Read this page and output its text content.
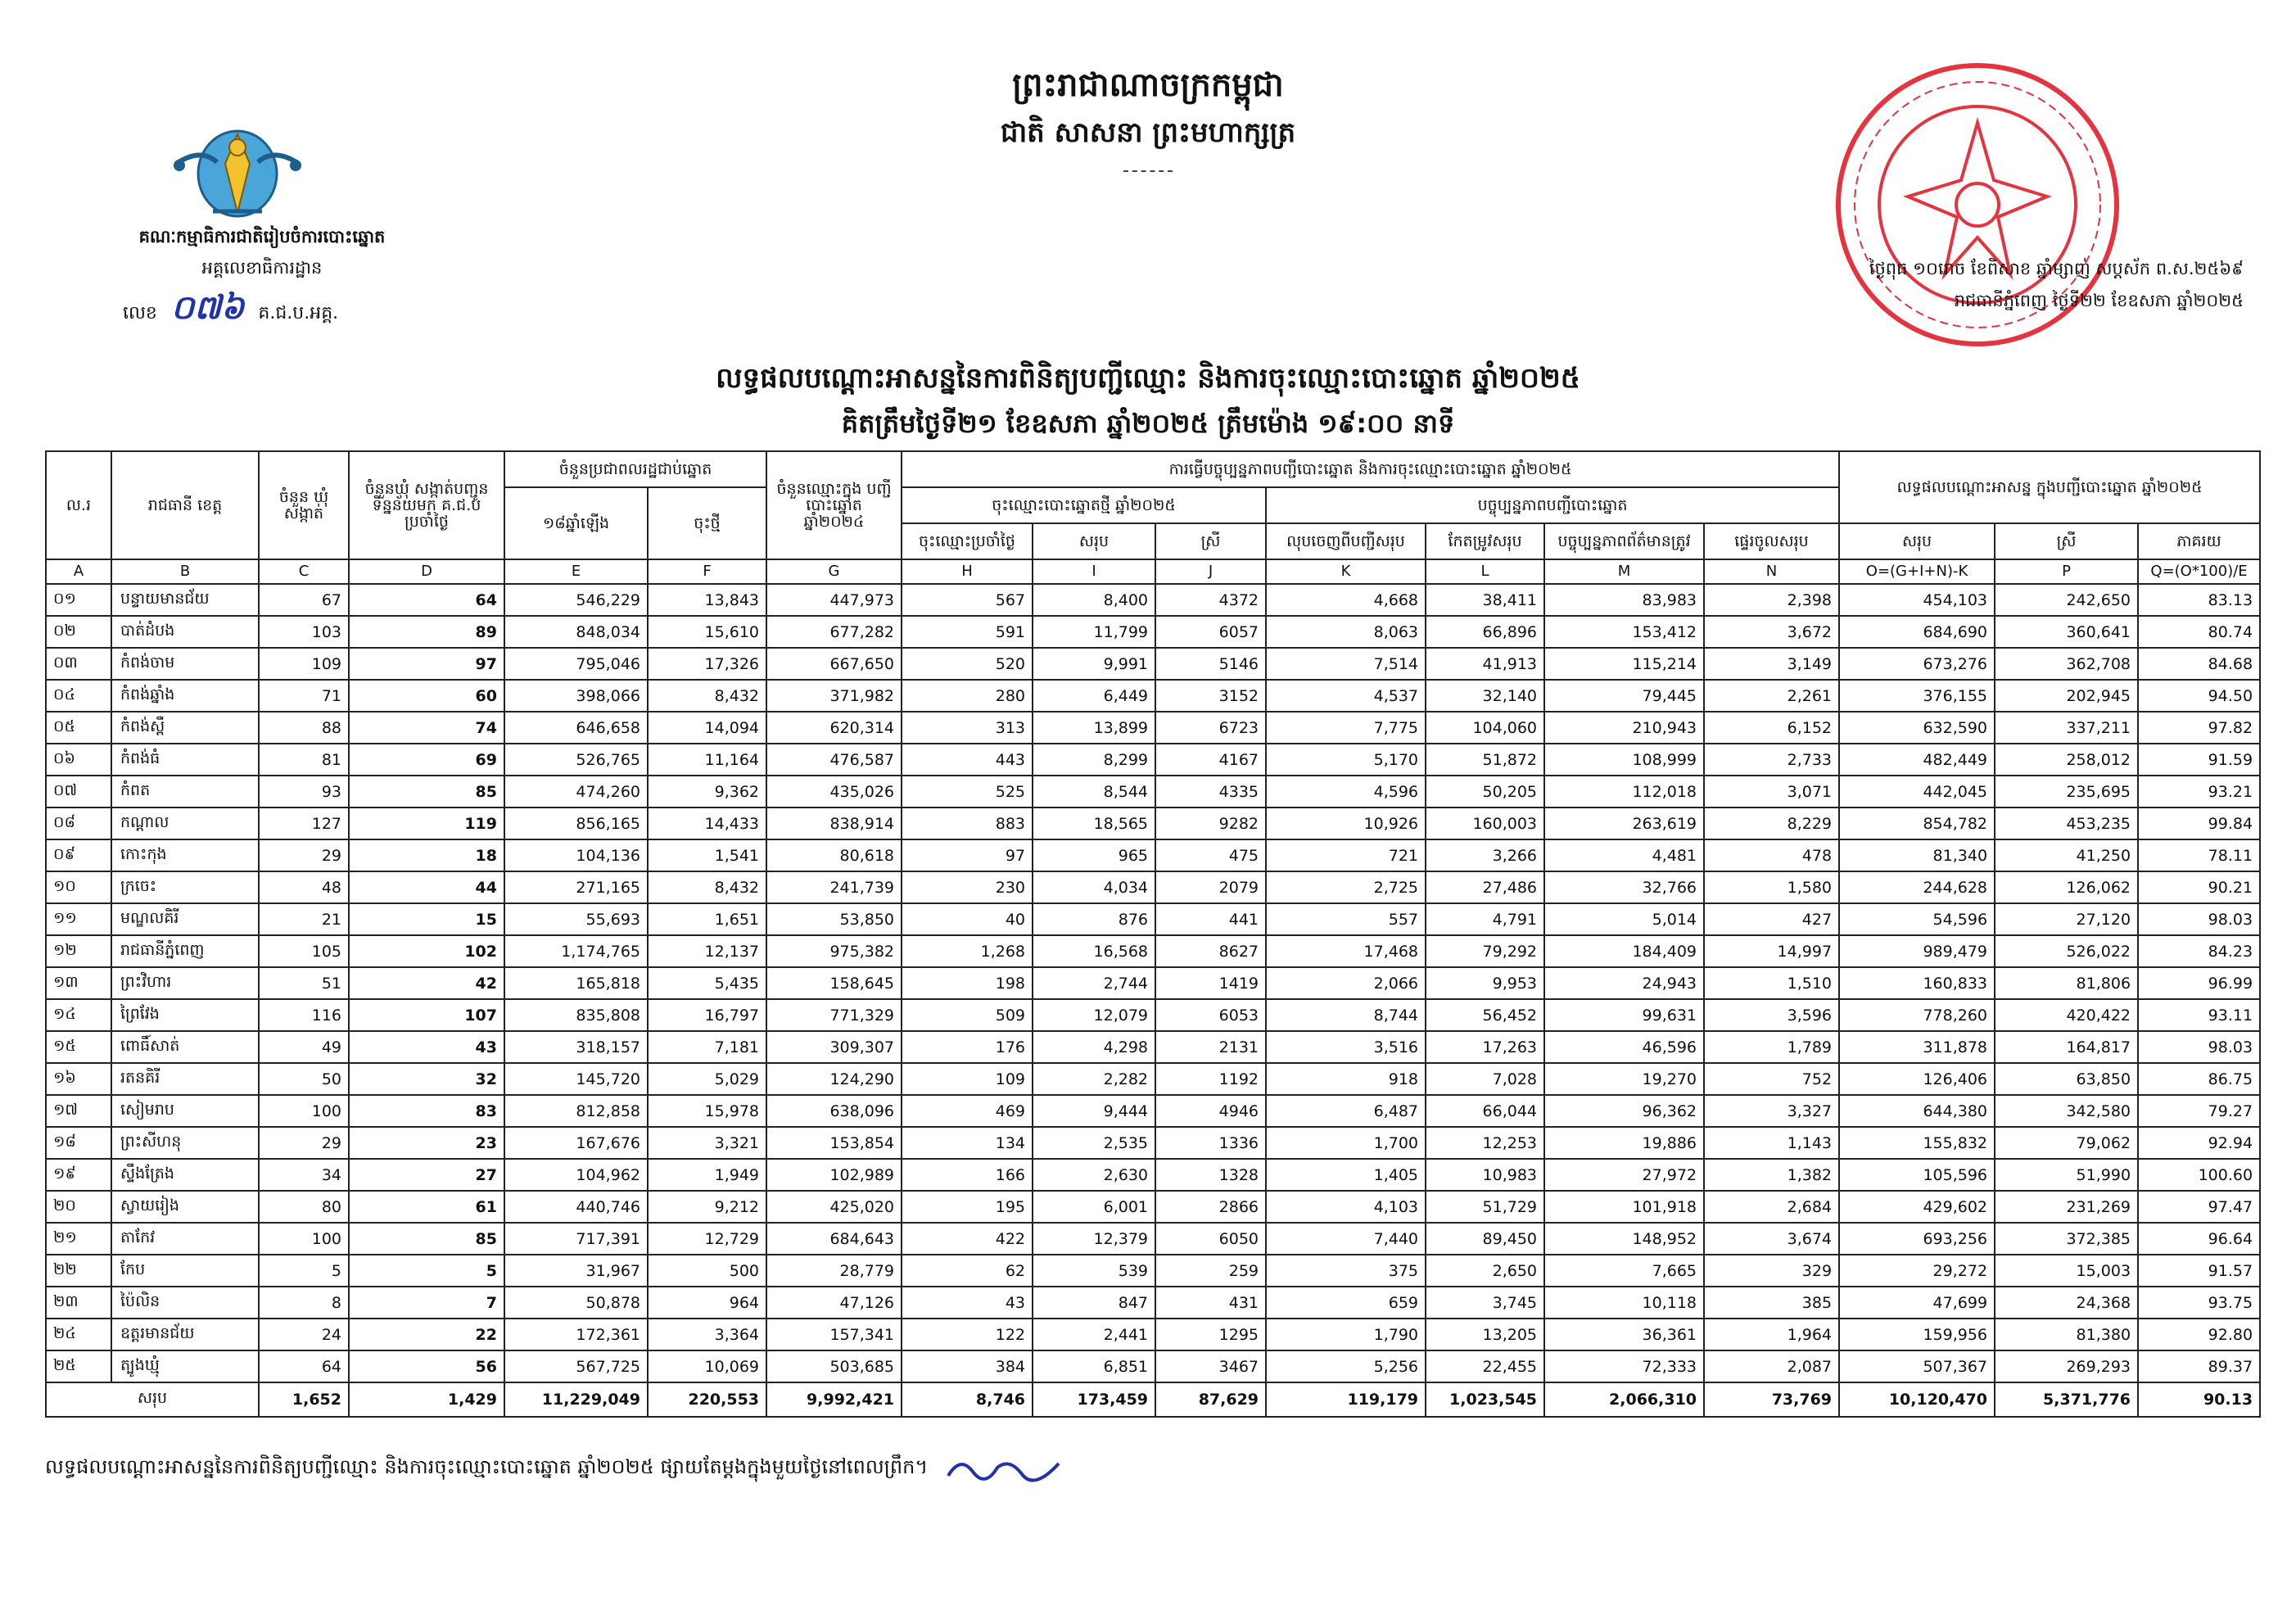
ព្រះរាជាណាចក្រកម្ពុជា
ជាតិ សាសនា ព្រះមហាក្សត្រ
គណៈកម្មាធិការជាតិរៀបចំការបោះឆ្នោត
អគ្គលេខាធិការដ្ឋាន
លេខ ០៧៦ គ.ជ.ប.អគ្គ.
ថ្ងៃពុធ ១០រោច ខែពិសាខ ឆ្នាំម្សាញ់ សប្តស័ក ព.ស.២៥៦៩
រាជធានីភ្នំពេញ ថ្ងៃទី២២ ខែឧសភា ឆ្នាំ២០២៥
លទ្ធផលបណ្តោះអាសន្ននៃការពិនិត្យបញ្ជីឈ្មោះ និងការចុះឈ្មោះបោះឆ្នោត ឆ្នាំ២០២៥
គិតត្រឹមថ្ងៃទី២១ ខែឧសភា ឆ្នាំ២០២៥ ត្រឹមម៉ោង ១៩:០០ នាទី
ល.រ	រាជធានី ខេត្ត	ចំនួន ឃុំ សង្កាត់	ចំនួនឃុំ សង្កាត់បញ្ជូន ទិន្នន័យមក គ.ជ.ប ប្រចាំថ្ងៃ	ចំនួនប្រជាពលរដ្ឋជាប់ឆ្នោត		ចំនួនឈ្មោះក្នុង បញ្ជីបោះឆ្នោត ឆ្នាំ២០២៤	ការធ្វើបច្ចុប្បន្នភាពបញ្ជីបោះឆ្នោត និងការចុះឈ្មោះបោះឆ្នោត ឆ្នាំ២០២៥							លទ្ធផលបណ្តោះអាសន្ន ក្នុងបញ្ជីបោះឆ្នោត ឆ្នាំ២០២៥		
				១៨ឆ្នាំឡើង	ចុះថ្មី		ចុះឈ្មោះបោះឆ្នោតថ្មី ឆ្នាំ២០២៥			បច្ចុប្បន្នភាពបញ្ជីបោះឆ្នោត						
							ចុះឈ្មោះប្រចាំថ្ងៃ	សរុប	ស្រី	លុបចេញពីបញ្ជីសរុប	កែតម្រូវសរុប	បច្ចុប្បន្នភាពព័ត៌មានត្រូវ	ផ្ទេរចូលសរុប	សរុប	ស្រី	ភាគរយ
A	B	C	D	E	F	G	H	I	J	K	L	M	N	O=(G+I+N)-K	P	Q=(O*100)/E
០១	បន្ទាយមានជ័យ	67	64	546,229	13,843	447,973	567	8,400	4372	4,668	38,411	83,983	2,398	454,103	242,650	83.13
០២	បាត់ដំបង	103	89	848,034	15,610	677,282	591	11,799	6057	8,063	66,896	153,412	3,672	684,690	360,641	80.74
០៣	កំពង់ចាម	109	97	795,046	17,326	667,650	520	9,991	5146	7,514	41,913	115,214	3,149	673,276	362,708	84.68
០៤	កំពង់ឆ្នាំង	71	60	398,066	8,432	371,982	280	6,449	3152	4,537	32,140	79,445	2,261	376,155	202,945	94.50
០៥	កំពង់ស្ពឺ	88	74	646,658	14,094	620,314	313	13,899	6723	7,775	104,060	210,943	6,152	632,590	337,211	97.82
០៦	កំពង់ធំ	81	69	526,765	11,164	476,587	443	8,299	4167	5,170	51,872	108,999	2,733	482,449	258,012	91.59
០៧	កំពត	93	85	474,260	9,362	435,026	525	8,544	4335	4,596	50,205	112,018	3,071	442,045	235,695	93.21
០៨	កណ្តាល	127	119	856,165	14,433	838,914	883	18,565	9282	10,926	160,003	263,619	8,229	854,782	453,235	99.84
០៩	កោះកុង	29	18	104,136	1,541	80,618	97	965	475	721	3,266	4,481	478	81,340	41,250	78.11
១០	ក្រចេះ	48	44	271,165	8,432	241,739	230	4,034	2079	2,725	27,486	32,766	1,580	244,628	126,062	90.21
១១	មណ្ឌលគិរី	21	15	55,693	1,651	53,850	40	876	441	557	4,791	5,014	427	54,596	27,120	98.03
១២	រាជធានីភ្នំពេញ	105	102	1,174,765	12,137	975,382	1,268	16,568	8627	17,468	79,292	184,409	14,997	989,479	526,022	84.23
១៣	ព្រះវិហារ	51	42	165,818	5,435	158,645	198	2,744	1419	2,066	9,953	24,943	1,510	160,833	81,806	96.99
១៤	ព្រៃវែង	116	107	835,808	16,797	771,329	509	12,079	6053	8,744	56,452	99,631	3,596	778,260	420,422	93.11
១៥	ពោធិ៍សាត់	49	43	318,157	7,181	309,307	176	4,298	2131	3,516	17,263	46,596	1,789	311,878	164,817	98.03
១៦	រតនគិរី	50	32	145,720	5,029	124,290	109	2,282	1192	918	7,028	19,270	752	126,406	63,850	86.75
១៧	សៀមរាប	100	83	812,858	15,978	638,096	469	9,444	4946	6,487	66,044	96,362	3,327	644,380	342,580	79.27
១៨	ព្រះសីហនុ	29	23	167,676	3,321	153,854	134	2,535	1336	1,700	12,253	19,886	1,143	155,832	79,062	92.94
១៩	ស្ទឹងត្រែង	34	27	104,962	1,949	102,989	166	2,630	1328	1,405	10,983	27,972	1,382	105,596	51,990	100.60
២០	ស្វាយរៀង	80	61	440,746	9,212	425,020	195	6,001	2866	4,103	51,729	101,918	2,684	429,602	231,269	97.47
២១	តាកែវ	100	85	717,391	12,729	684,643	422	12,379	6050	7,440	89,450	148,952	3,674	693,256	372,385	96.64
២២	កែប	5	5	31,967	500	28,779	62	539	259	375	2,650	7,665	329	29,272	15,003	91.57
២៣	ប៉ៃលិន	8	7	50,878	964	47,126	43	847	431	659	3,745	10,118	385	47,699	24,368	93.75
២៤	ឧត្តរមានជ័យ	24	22	172,361	3,364	157,341	122	2,441	1295	1,790	13,205	36,361	1,964	159,956	81,380	92.80
២៥	ត្បូងឃ្មុំ	64	56	567,725	10,069	503,685	384	6,851	3467	5,256	22,455	72,333	2,087	507,367	269,293	89.37
សរុប		1,652	1,429	11,229,049	220,553	9,992,421	8,746	173,459	87,629	119,179	1,023,545	2,066,310	73,769	10,120,470	5,371,776	90.13
លទ្ធផលបណ្តោះអាសន្ននៃការពិនិត្យបញ្ជីឈ្មោះ និងការចុះឈ្មោះបោះឆ្នោត ឆ្នាំ២០២៥ ផ្សាយតែម្តងក្នុងមួយថ្ងៃនៅពេលព្រឹក។
